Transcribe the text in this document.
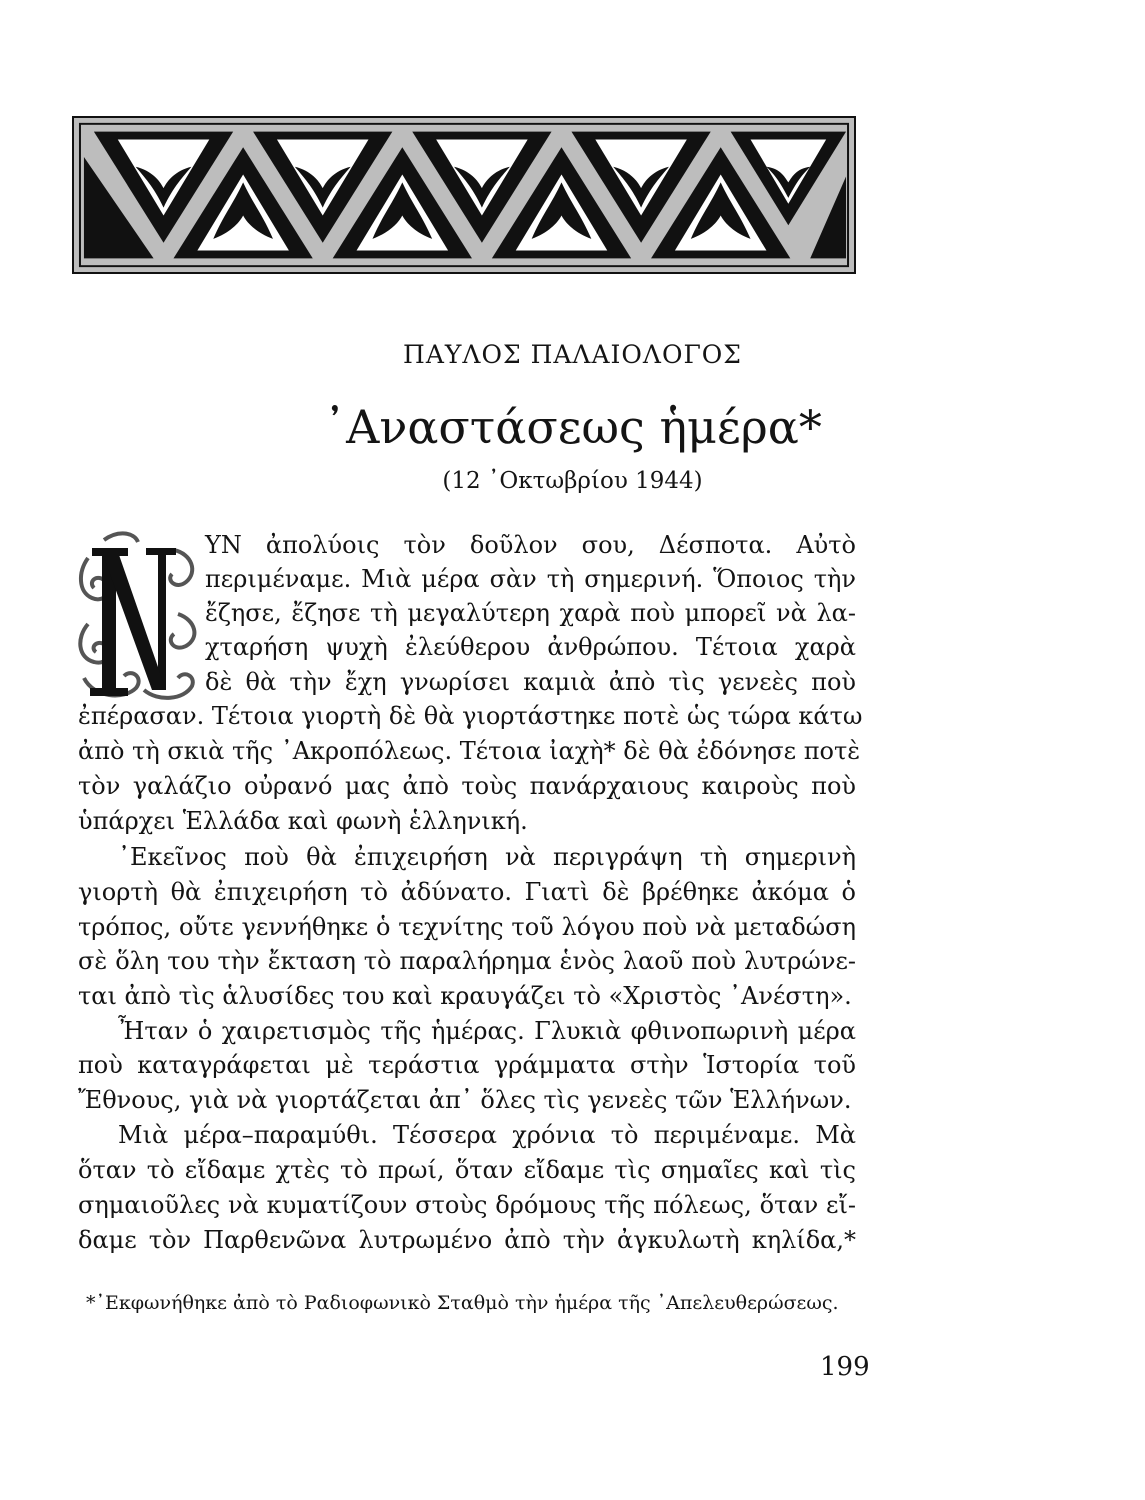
ΠΑΥΛΟΣ ΠΑΛΑΙΟΛΟΓΟΣ
᾿Αναστάσεως ἡμέρα*
(12 ᾿Οκτωβρίου 1944)
ΥΝ ἀπολύοις τὸν δοῦλον σου, Δέσποτα. Αὐτὸ
περιμέναμε. Μιὰ μέρα σὰν τὴ σημερινή. Ὅποιος τὴν
ἔζησε, ἔζησε τὴ μεγαλύτερη χαρὰ ποὺ μπορεῖ νὰ λα-
χταρήση ψυχὴ ἐλεύθερου ἀνθρώπου. Τέτοια χαρὰ
δὲ θὰ τὴν ἔχη γνωρίσει καμιὰ ἀπὸ τὶς γενεὲς ποὺ
ἐπέρασαν. Τέτοια γιορτὴ δὲ θὰ γιορτάστηκε ποτὲ ὡς τώρα κάτω
ἀπὸ τὴ σκιὰ τῆς ᾿Ακροπόλεως. Τέτοια ἰαχὴ* δὲ θὰ ἐδόνησε ποτὲ
τὸν γαλάζιο οὐρανό μας ἀπὸ τοὺς πανάρχαιους καιροὺς ποὺ
ὑπάρχει Ἑλλάδα καὶ φωνὴ ἑλληνική.
᾿Εκεῖνος ποὺ θὰ ἐπιχειρήση νὰ περιγράψη τὴ σημερινὴ
γιορτὴ θὰ ἐπιχειρήση τὸ ἀδύνατο. Γιατὶ δὲ βρέθηκε ἀκόμα ὁ
τρόπος, οὔτε γεννήθηκε ὁ τεχνίτης τοῦ λόγου ποὺ νὰ μεταδώση
σὲ ὅλη του τὴν ἔκταση τὸ παραλήρημα ἑνὸς λαοῦ ποὺ λυτρώνε-
ται ἀπὸ τὶς ἁλυσίδες του καὶ κραυγάζει τὸ «Χριστὸς ᾿Ανέστη».
Ἦταν ὁ χαιρετισμὸς τῆς ἡμέρας. Γλυκιὰ φθινοπωρινὴ μέρα
ποὺ καταγράφεται μὲ τεράστια γράμματα στὴν Ἱστορία τοῦ
Ἔθνους, γιὰ νὰ γιορτάζεται ἀπ᾿ ὅλες τὶς γενεὲς τῶν Ἑλλήνων.
Μιὰ μέρα–παραμύθι. Τέσσερα χρόνια τὸ περιμέναμε. Μὰ
ὅταν τὸ εἴδαμε χτὲς τὸ πρωί, ὅταν εἴδαμε τὶς σημαῖες καὶ τὶς
σημαιοῦλες νὰ κυματίζουν στοὺς δρόμους τῆς πόλεως, ὅταν εἴ-
δαμε τὸν Παρθενῶνα λυτρωμένο ἀπὸ τὴν ἀγκυλωτὴ κηλίδα,*
*᾿Εκφωνήθηκε ἀπὸ τὸ Ραδιοφωνικὸ Σταθμὸ τὴν ἡμέρα τῆς ᾿Απελευθερώσεως.
199
